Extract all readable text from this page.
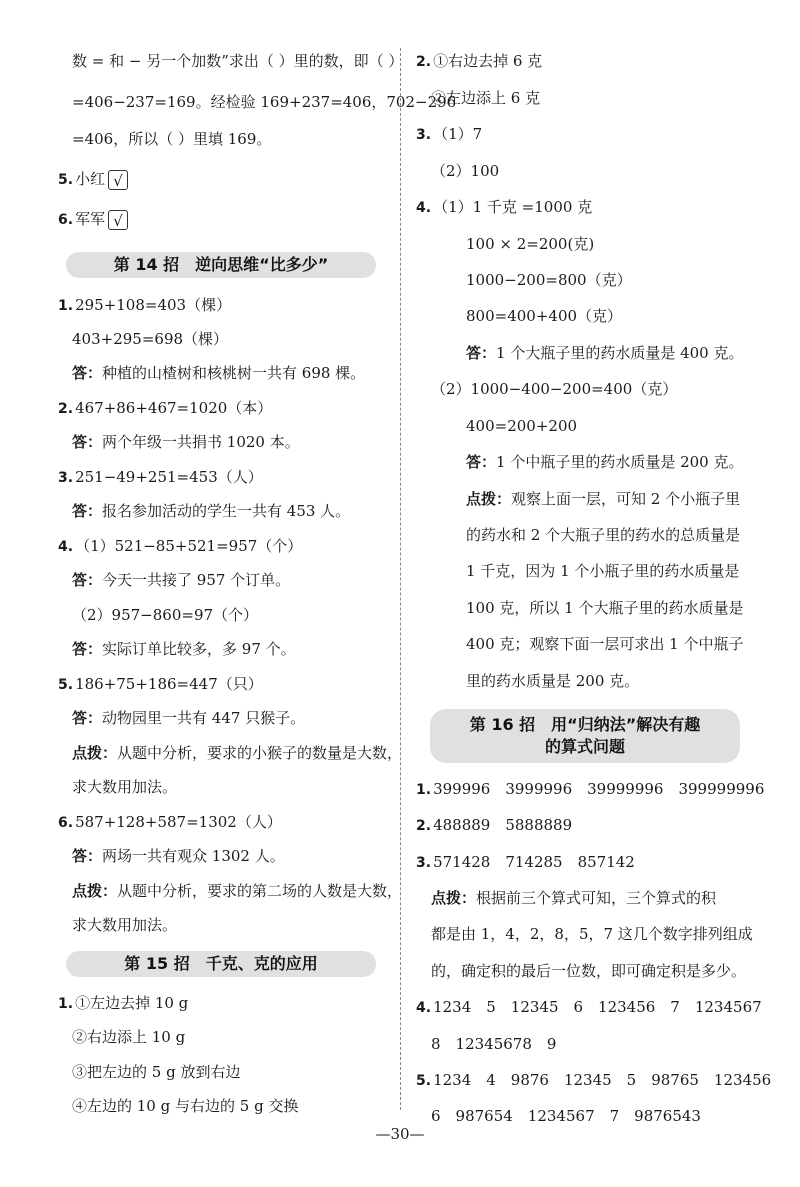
数 = 和 − 另一个加数”求出（ ）里的数，即（ ）
=406−237=169。经检验 169+237=406，702−296
=406，所以（ ）里填 169。
5. 小红 √
6. 军军 √
第 14 招　逆向思维“比多少”
1. 295+108=403（棵）
403+295=698（棵）
答：种植的山楂树和核桃树一共有 698 棵。
2. 467+86+467=1020（本）
答：两个年级一共捐书 1020 本。
3. 251−49+251=453（人）
答：报名参加活动的学生一共有 453 人。
4. （1）521−85+521=957（个）
答：今天一共接了 957 个订单。
（2）957−860=97（个）
答：实际订单比较多，多 97 个。
5. 186+75+186=447（只）
答：动物园里一共有 447 只猴子。
点拨：从题中分析，要求的小猴子的数量是大数，
求大数用加法。
6. 587+128+587=1302（人）
答：两场一共有观众 1302 人。
点拨：从题中分析，要求的第二场的人数是大数，
求大数用加法。
第 15 招　千克、克的应用
1. ①左边去掉 10 g
②右边添上 10 g
③把左边的 5 g 放到右边
④左边的 10 g 与右边的 5 g 交换
2. ①右边去掉 6 克
②左边添上 6 克
3. （1）7
（2）100
4. （1）1 千克 =1000 克
100 × 2=200(克)
1000−200=800（克）
800=400+400（克）
答：1 个大瓶子里的药水质量是 400 克。
（2）1000−400−200=400（克）
400=200+200
答：1 个中瓶子里的药水质量是 200 克。
点拨：观察上面一层，可知 2 个小瓶子里
的药水和 2 个大瓶子里的药水的总质量是
1 千克，因为 1 个小瓶子里的药水质量是
100 克，所以 1 个大瓶子里的药水质量是
400 克；观察下面一层可求出 1 个中瓶子
里的药水质量是 200 克。
第 16 招　用“归纳法”解决有趣
的算式问题
1. 399996　3999996　39999996　399999996
2. 488889　5888889
3. 571428　714285　857142
点拨：根据前三个算式可知，三个算式的积
都是由 1，4，2，8，5，7 这几个数字排列组成
的，确定积的最后一位数，即可确定积是多少。
4. 1234　5　12345　6　123456　7　1234567
8　12345678　9
5. 1234　4　9876　12345　5　98765　123456
6　987654　1234567　7　9876543
—30—
